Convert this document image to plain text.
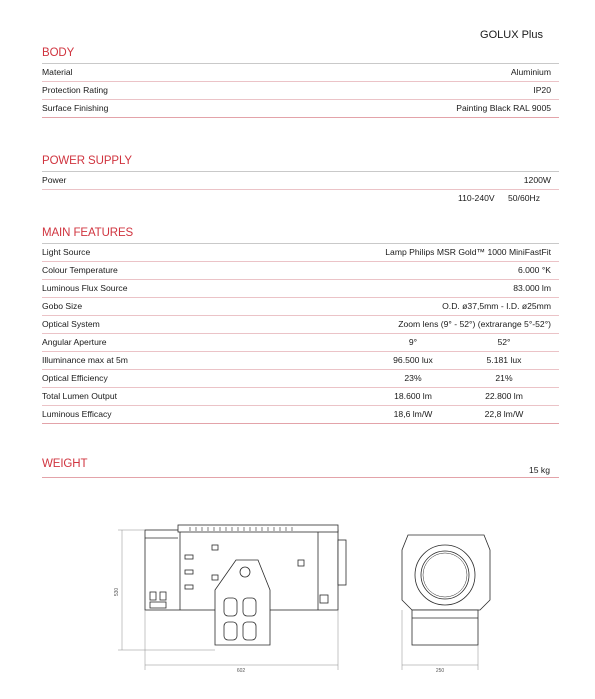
GOLUX Plus
BODY
Material	Aluminium
Protection Rating	IP20
Surface Finishing	Painting Black RAL 9005
POWER SUPPLY
Power	1200W
110-240V 50/60Hz
MAIN FEATURES
Light Source	Lamp Philips MSR Gold™ 1000 MiniFastFit
Colour Temperature	6.000 °K
Luminous Flux Source	83.000 lm
Gobo Size	O.D. ø37,5mm - I.D. ø25mm
Optical System	Zoom lens (9° - 52°) (extrarange 5°-52°)
Angular Aperture	9°	52°
Illuminance max at 5m	96.500 lux	5.181 lux
Optical Efficiency	23%	21%
Total Lumen Output	18.600 lm	22.800 lm
Luminous Efficacy	18,6 lm/W	22,8 lm/W
WEIGHT	15 kg
530
602	250
